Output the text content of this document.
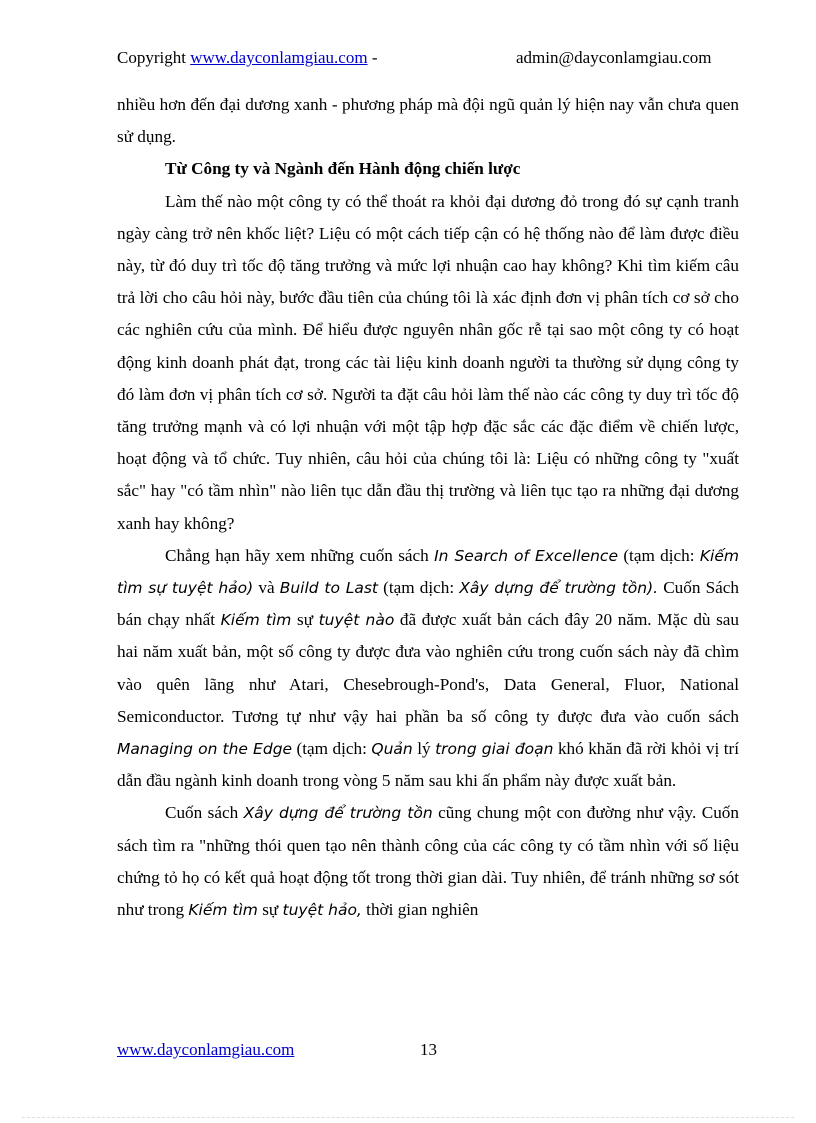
Copyright www.dayconlamgiau.com -	admin@dayconlamgiau.com

nhiều hơn đến đại dương xanh - phương pháp mà đội ngũ quản lý hiện nay vẫn chưa quen sử dụng.

Từ Công ty và Ngành đến Hành động chiến lược

Làm thế nào một công ty có thể thoát ra khỏi đại dương đỏ trong đó sự cạnh tranh ngày càng trở nên khốc liệt? Liệu có một cách tiếp cận có hệ thống nào để làm được điều này, từ đó duy trì tốc độ tăng trưởng và mức lợi nhuận cao hay không? Khi tìm kiếm câu trả lời cho câu hỏi này, bước đầu tiên của chúng tôi là xác định đơn vị phân tích cơ sở cho các nghiên cứu của mình. Để hiểu được nguyên nhân gốc rễ tại sao một công ty có hoạt động kinh doanh phát đạt, trong các tài liệu kinh doanh người ta thường sử dụng công ty đó làm đơn vị phân tích cơ sở. Người ta đặt câu hỏi làm thế nào các công ty duy trì tốc độ tăng trưởng mạnh và có lợi nhuận với một tập hợp đặc sắc các đặc điểm về chiến lược, hoạt động và tổ chức. Tuy nhiên, câu hỏi của chúng tôi là: Liệu có những công ty "xuất sắc" hay "có tầm nhìn" nào liên tục dẫn đầu thị trường và liên tục tạo ra những đại dương xanh hay không?

Chẳng hạn hãy xem những cuốn sách In Search of Excellence (tạm dịch: Kiếm tìm sự tuyệt hảo) và Build to Last (tạm dịch: Xây dựng để trường tồn). Cuốn Sách bán chạy nhất Kiếm tìm sự tuyệt nào đã được xuất bản cách đây 20 năm. Mặc dù sau hai năm xuất bản, một số công ty được đưa vào nghiên cứu trong cuốn sách này đã chìm vào quên lãng như Atari, Chesebrough-Pond's, Data General, Fluor, National Semiconductor. Tương tự như vậy hai phần ba số công ty được đưa vào cuốn sách Managing on the Edge (tạm dịch: Quản lý trong giai đoạn khó khăn đã rời khỏi vị trí dẫn đầu ngành kinh doanh trong vòng 5 năm sau khi ấn phẩm này được xuất bản.

Cuốn sách Xây dựng để trường tồn cũng chung một con đường như vậy. Cuốn sách tìm ra "những thói quen tạo nên thành công của các công ty có tầm nhìn với số liệu chứng tỏ họ có kết quả hoạt động tốt trong thời gian dài. Tuy nhiên, để tránh những sơ sót như trong Kiếm tìm sự tuyệt hảo, thời gian nghiên

www.dayconlamgiau.com	13
